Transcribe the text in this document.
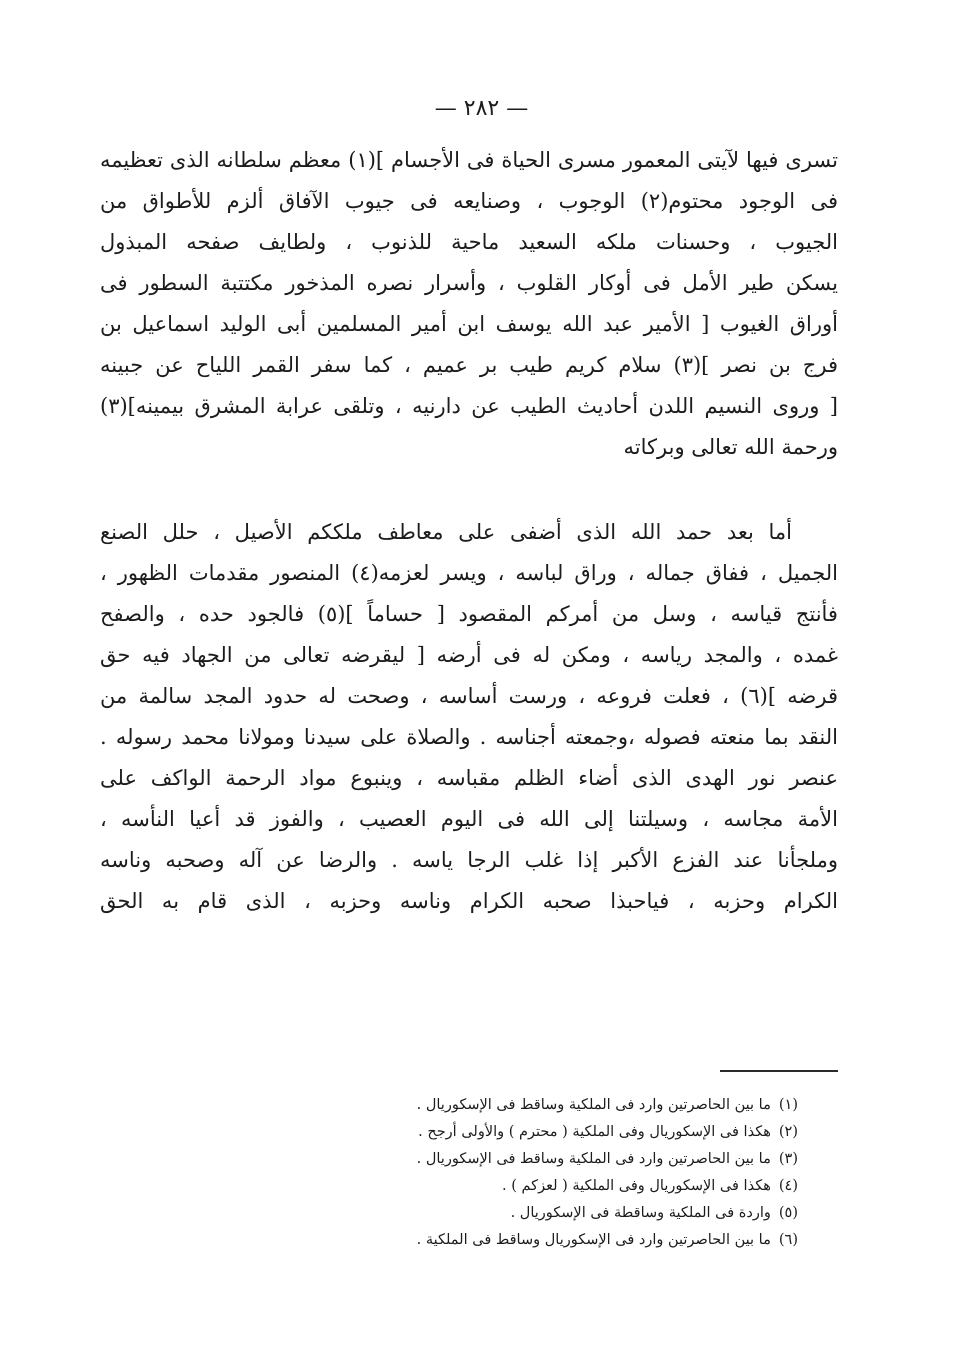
— ٢٨٢ —
تسرى فيها لآيتى المعمور مسرى الحياة فى الأجسام ](١) معظم سلطانه الذى تعظيمه
فى الوجود محتوم(٢) الوجوب ، وصنايعه فى جيوب الآفاق ألزم للأطواق من
الجيوب ، وحسنات ملكه السعيد ماحية للذنوب ، ولطايف صفحه المبذول
يسكن طير الأمل فى أوكار القلوب ، وأسرار نصره المذخور مكتتبة السطور فى
أوراق الغيوب [ الأمير عبد الله يوسف ابن أمير المسلمين أبى الوليد اسماعيل بن
فرج بن نصر ](٣) سلام كريم طيب بر عميم ، كما سفر القمر اللياح عن جبينه
[ وروى النسيم اللدن أحاديث الطيب عن دارنيه ، وتلقى عرابة المشرق بيمينه](٣)
ورحمة الله تعالى وبركاته
أما بعد حمد الله الذى أضفى على معاطف ملككم الأصيل ، حلل الصنع
الجميل ، ففاق جماله ، وراق لباسه ، ويسر لعزمه(٤) المنصور مقدمات الظهور ،
فأنتج قياسه ، وسل من أمركم المقصود [ حساماً ](٥) فالجود حده ، والصفح
غمده ، والمجد رياسه ، ومكن له فى أرضه [ ليقرضه تعالى من الجهاد فيه حق
قرضه ](٦) ، فعلت فروعه ، ورست أساسه ، وصحت له حدود المجد سالمة من
النقد بما منعته فصوله ،وجمعته أجناسه . والصلاة على سيدنا ومولانا محمد رسوله .
عنصر نور الهدى الذى أضاء الظلم مقباسه ، وينبوع مواد الرحمة الواكف على
الأمة مجاسه ، وسيلتنا إلى الله فى اليوم العصيب ، والفوز قد أعيا النأسه ،
وملجأنا عند الفزع الأكبر إذا غلب الرجا ياسه . والرضا عن آله وصحبه وناسه
الكرام وحزبه ، فياحبذا صحبه الكرام وناسه وحزبه ، الذى قام به الحق
(١)ما بين الحاصرتين وارد فى الملكية وساقط فى الإسكوريال .
(٢)هكذا فى الإسكوريال وفى الملكية ( محترم ) والأولى أرجح .
(٣)ما بين الحاصرتين وارد فى الملكية وساقط فى الإسكوريال .
(٤)هكذا فى الإسكوريال وفى الملكية ( لعزكم ) .
(٥)واردة فى الملكية وساقطة فى الإسكوريال .
(٦)ما بين الحاصرتين وارد فى الإسكوريال وساقط فى الملكية .
